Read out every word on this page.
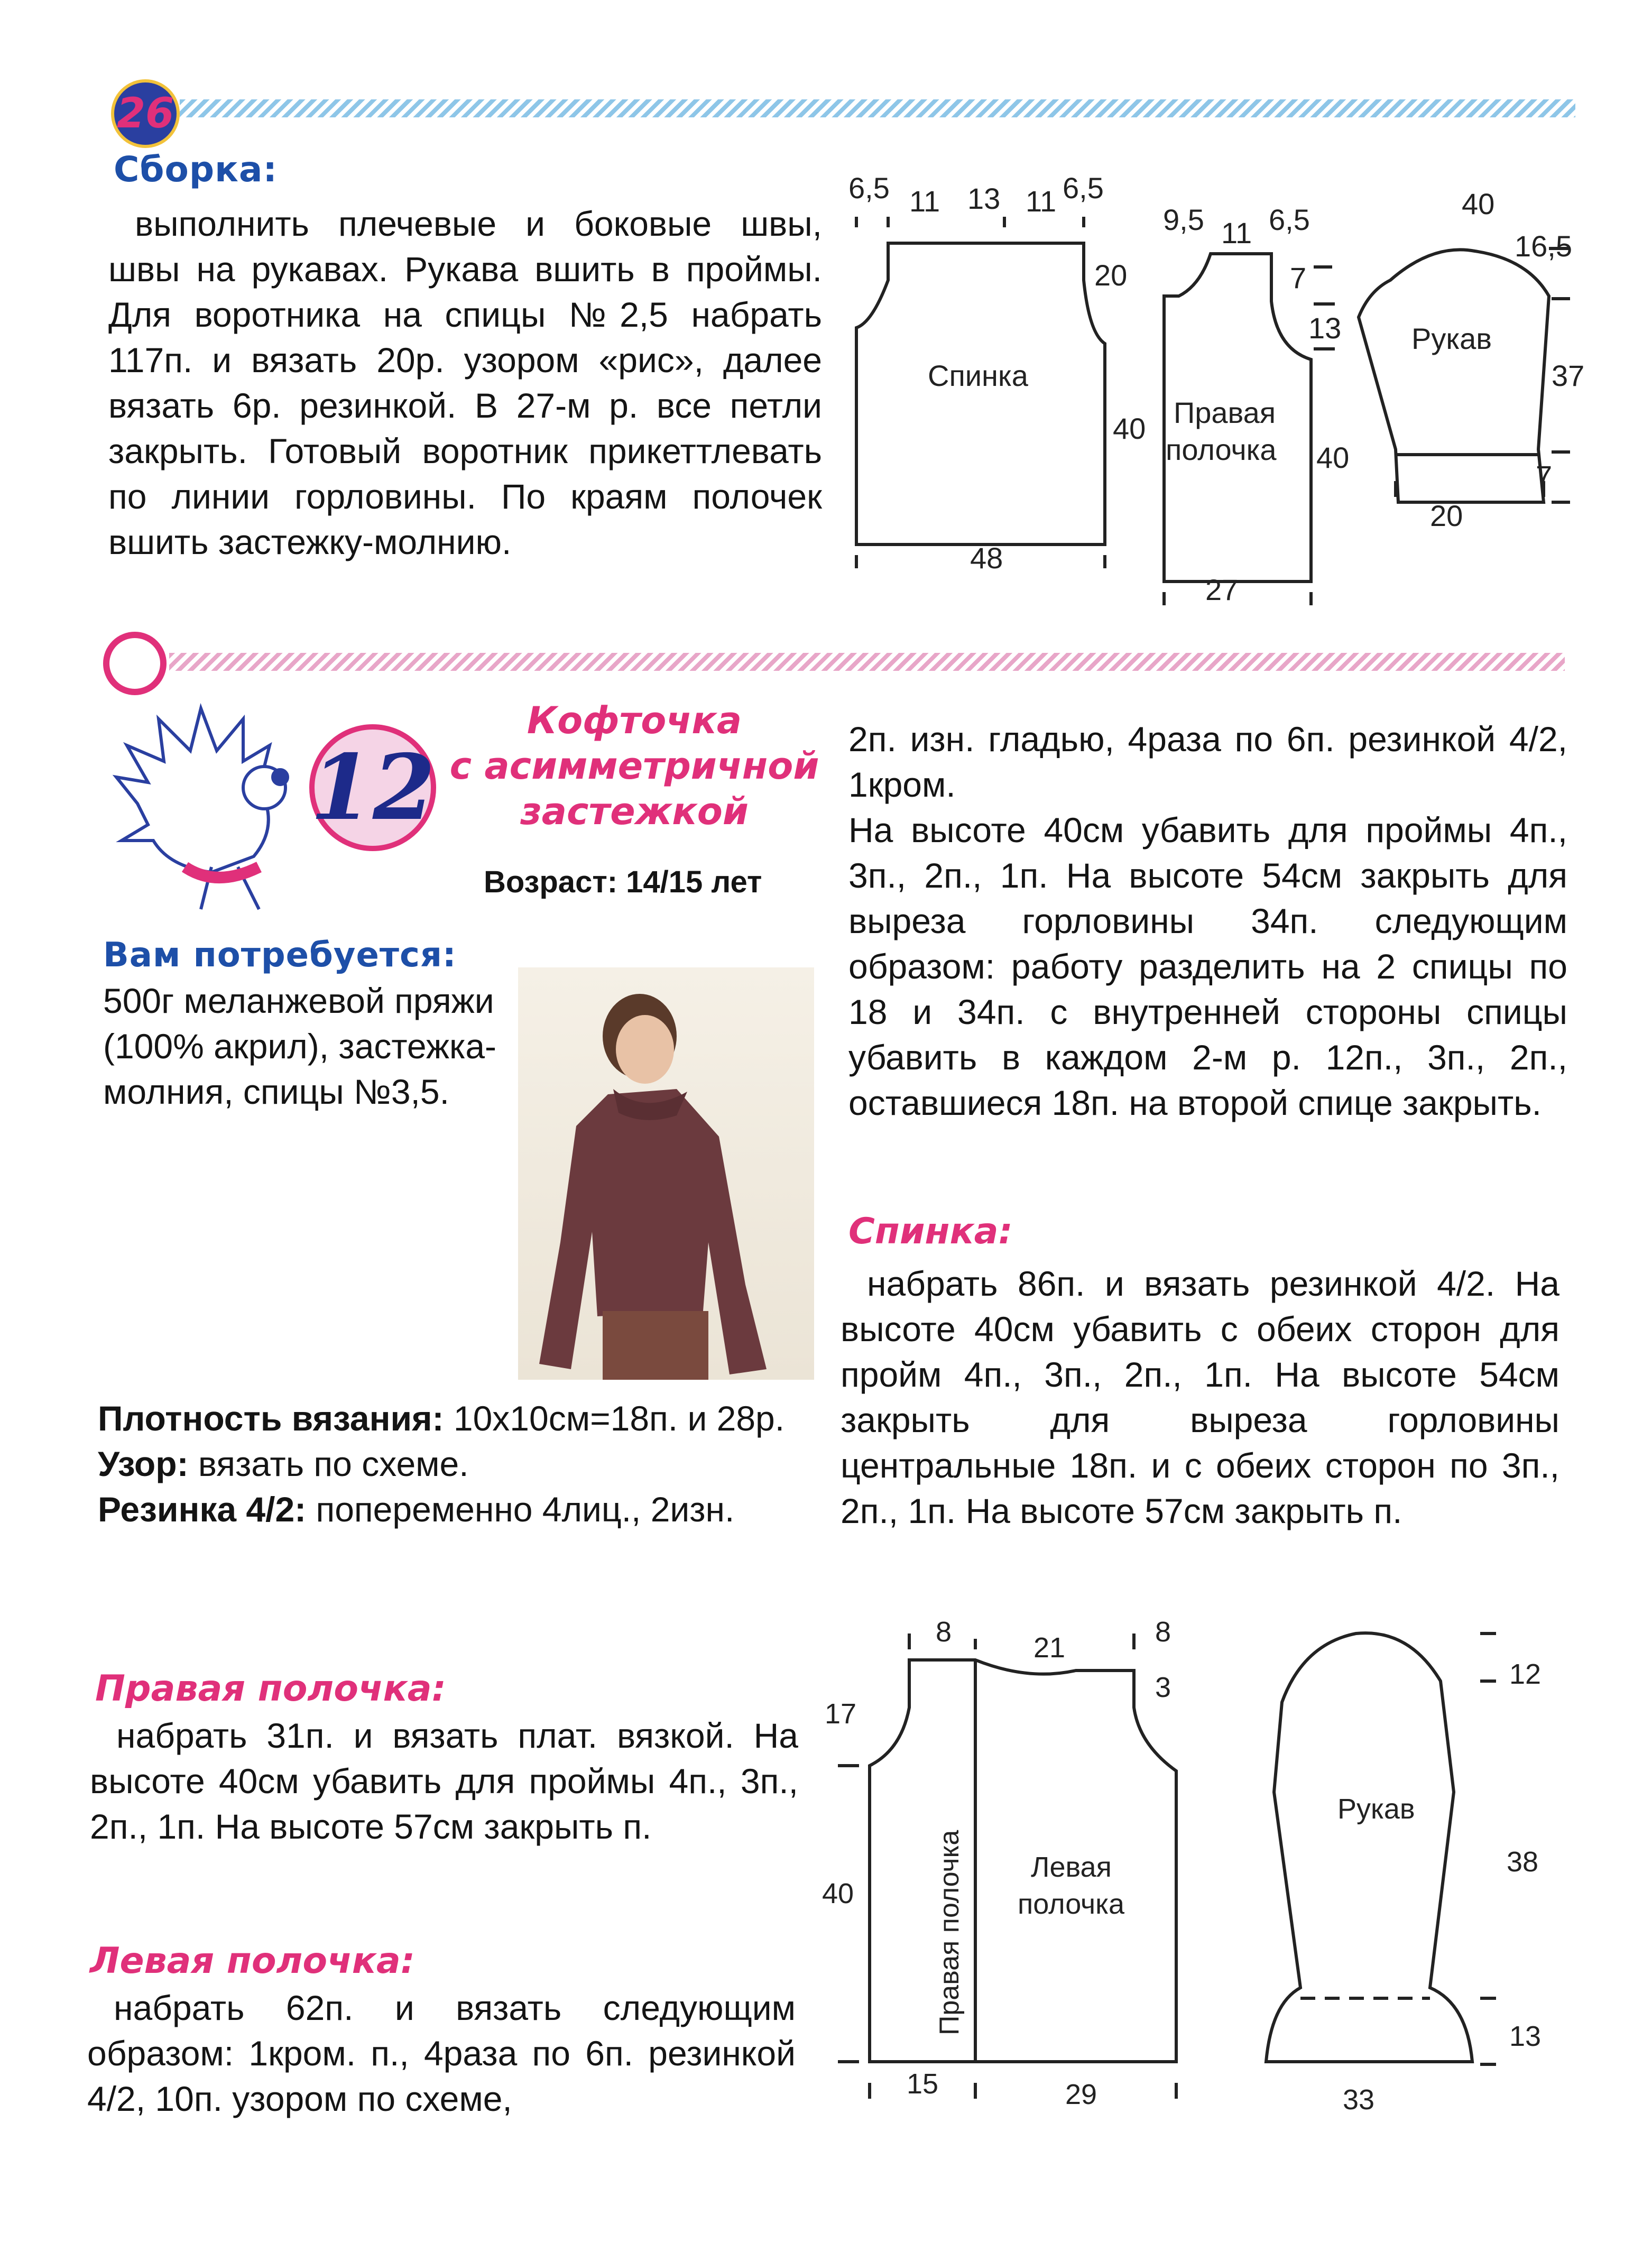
26
Сборка:

выполнить плечевые и боковые швы, швы на рукавах. Рукава вшить в проймы. Для воротника на спицы №2,5 набрать 117п. и вязать 20р. узором «рис», далее вязать 6р. резинкой. В 27-м р. все петли закрыть. Готовый воротник прикеттлевать по линии горловины. По краям полочек вшить застежку-молнию.

6,5 11 13 11 6,5
20
40
48
Спинка
9,5 11 6,5
7
13
40
27
Правая
полочка
40
16,5
37
7
20
Рукав
12
Кофточка
с асимметричной
застежкой
Возраст: 14/15 лет
Вам потребуется:
500г меланжевой пряжи (100% акрил), застежка-молния, спицы №3,5.

Плотность вязания: 10х10см=18п. и 28р.

Узор: вязать по схеме.

Резинка 4/2: попеременно 4лиц., 2изн.

Правая полочка:

набрать 31п. и вязать плат. вязкой. На высоте 40см убавить для проймы 4п., 3п., 2п., 1п. На высоте 57см закрыть п.

Левая полочка:

набрать 62п. и вязать следующим образом: 1кром. п., 4раза по 6п. резинкой 4/2, 10п. узором по схеме,

2п. изн. гладью, 4раза по 6п. резинкой 4/2, 1кром.

На высоте 40см убавить для проймы 4п., 3п., 2п., 1п. На высоте 54см закрыть для выреза горловины 34п. следующим образом: работу разделить на 2 спицы по 18 и 34п. с внутренней стороны спицы убавить в каждом 2-м р. 12п., 3п., 2п., оставшиеся 18п. на второй спице закрыть.

Спинка:

набрать 86п. и вязать резинкой 4/2. На высоте 40см убавить с обеих сторон для пройм 4п., 3п., 2п., 1п. На высоте 54см закрыть для выреза горловины центральные 18п. и с обеих сторон по 3п., 2п., 1п. На высоте 57см закрыть п.

8	21	8
3
17
40
15	29
Левая
полочка
Правая полочка
12
38
13
33
Рукав
